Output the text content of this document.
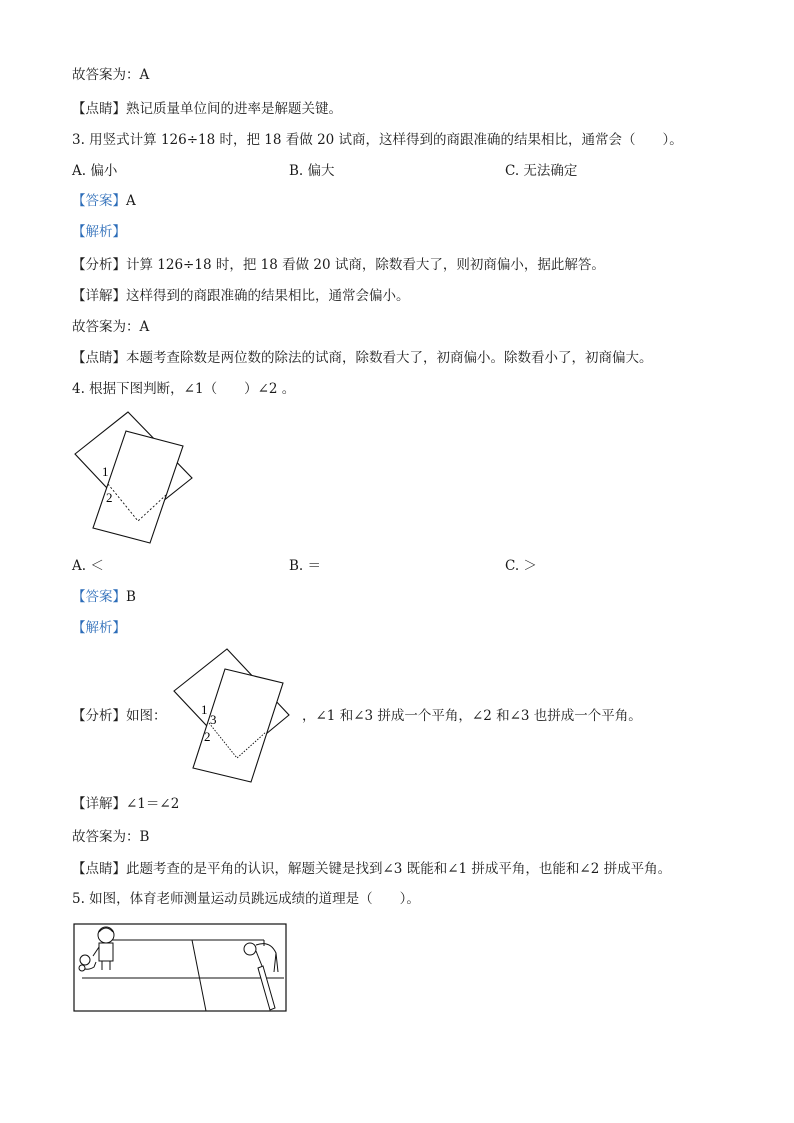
故答案为：A
【点睛】熟记质量单位间的进率是解题关键。
3. 用竖式计算 126÷18 时，把 18 看做 20 试商，这样得到的商跟准确的结果相比，通常会（　　）。
A. 偏小	B. 偏大	C. 无法确定
【答案】A
【解析】
【分析】计算 126÷18 时，把 18 看做 20 试商，除数看大了，则初商偏小，据此解答。
【详解】这样得到的商跟准确的结果相比，通常会偏小。
故答案为：A
【点睛】本题考查除数是两位数的除法的试商，除数看大了，初商偏小。除数看小了，初商偏大。
4. 根据下图判断，∠1（　　）∠2 。
1
2
A. ＜	B. ＝	C. ＞
【答案】B
【解析】
【分析】如图：	1
3
2
，∠1 和∠3 拼成一个平角，∠2 和∠3 也拼成一个平角。
【详解】∠1＝∠2
故答案为：B
【点睛】此题考查的是平角的认识，解题关键是找到∠3 既能和∠1 拼成平角，也能和∠2 拼成平角。
5. 如图，体育老师测量运动员跳远成绩的道理是（　　）。
